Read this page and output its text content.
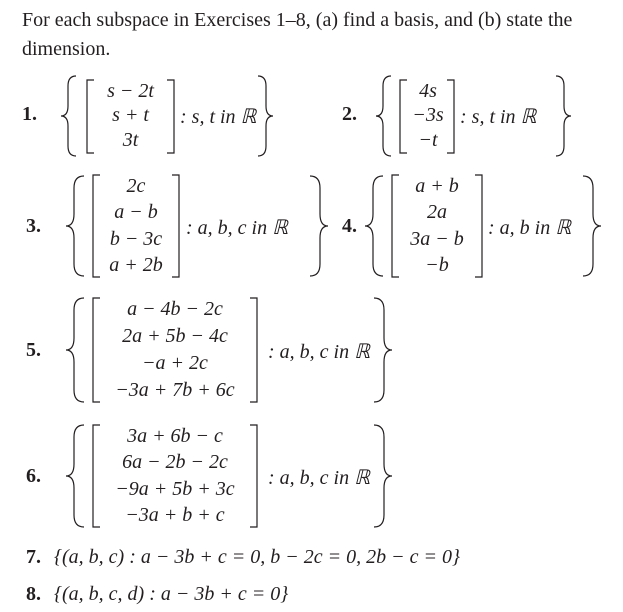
For each subspace in Exercises 1–8, (a) find a basis, and (b) state the dimension.
1.
s − 2t
s + t
3t
: s, t in ℝ	2.
4s
−3s
−t
: s, t in ℝ
3.
2c
a − b
b − 3c
a + 2b
: a, b, c in ℝ	4.
a + b
2a
3a − b
−b
: a, b in ℝ
5.
a − 4b − 2c
2a + 5b − 4c
−a + 2c
−3a + 7b + 6c
: a, b, c in ℝ
6.
3a + 6b − c
6a − 2b − 2c
−9a + 5b + 3c
−3a + b + c
: a, b, c in ℝ
7. {(a, b, c) : a − 3b + c = 0, b − 2c = 0, 2b − c = 0}
8. {(a, b, c, d) : a − 3b + c = 0}
